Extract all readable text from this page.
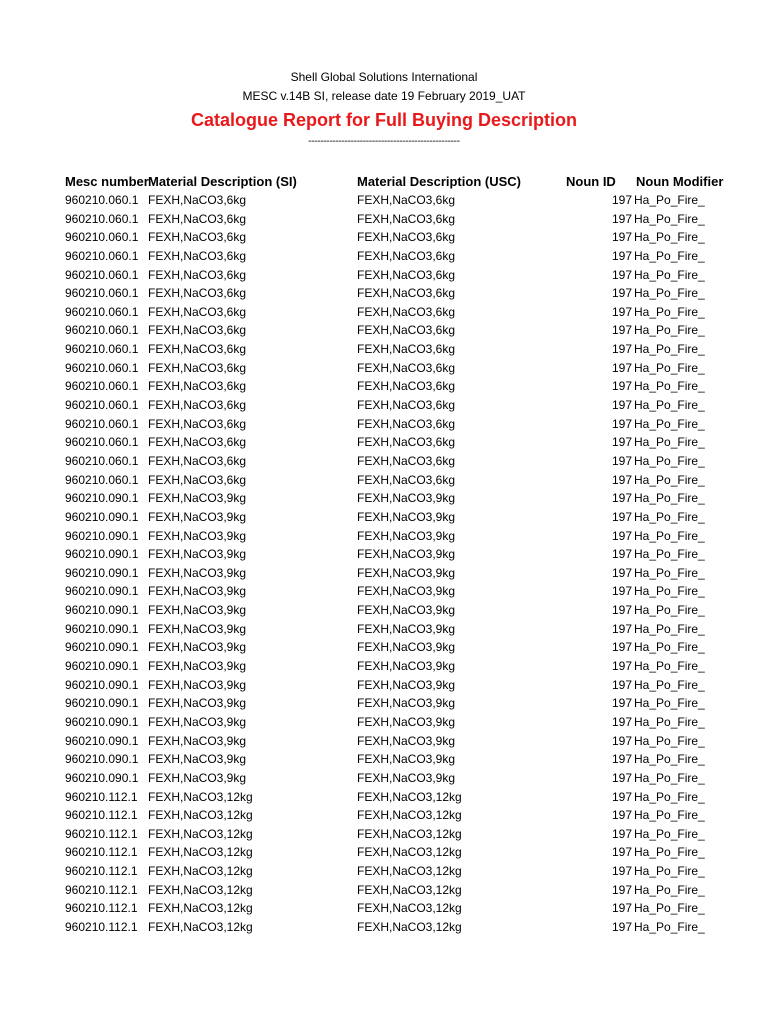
Shell Global Solutions International
MESC v.14B SI, release date 19 February 2019_UAT
Catalogue Report for Full Buying Description
--------------------------------------------------
Mesc number Material Description (SI)	Material Description (USC)	Noun ID	Noun Modifier
960210.060.1 FEXH,NaCO3,6kg	FEXH,NaCO3,6kg	197 Ha_Po_Fire_
960210.060.1 FEXH,NaCO3,6kg	FEXH,NaCO3,6kg	197 Ha_Po_Fire_
960210.060.1 FEXH,NaCO3,6kg	FEXH,NaCO3,6kg	197 Ha_Po_Fire_
960210.060.1 FEXH,NaCO3,6kg	FEXH,NaCO3,6kg	197 Ha_Po_Fire_
960210.060.1 FEXH,NaCO3,6kg	FEXH,NaCO3,6kg	197 Ha_Po_Fire_
960210.060.1 FEXH,NaCO3,6kg	FEXH,NaCO3,6kg	197 Ha_Po_Fire_
960210.060.1 FEXH,NaCO3,6kg	FEXH,NaCO3,6kg	197 Ha_Po_Fire_
960210.060.1 FEXH,NaCO3,6kg	FEXH,NaCO3,6kg	197 Ha_Po_Fire_
960210.060.1 FEXH,NaCO3,6kg	FEXH,NaCO3,6kg	197 Ha_Po_Fire_
960210.060.1 FEXH,NaCO3,6kg	FEXH,NaCO3,6kg	197 Ha_Po_Fire_
960210.060.1 FEXH,NaCO3,6kg	FEXH,NaCO3,6kg	197 Ha_Po_Fire_
960210.060.1 FEXH,NaCO3,6kg	FEXH,NaCO3,6kg	197 Ha_Po_Fire_
960210.060.1 FEXH,NaCO3,6kg	FEXH,NaCO3,6kg	197 Ha_Po_Fire_
960210.060.1 FEXH,NaCO3,6kg	FEXH,NaCO3,6kg	197 Ha_Po_Fire_
960210.060.1 FEXH,NaCO3,6kg	FEXH,NaCO3,6kg	197 Ha_Po_Fire_
960210.060.1 FEXH,NaCO3,6kg	FEXH,NaCO3,6kg	197 Ha_Po_Fire_
960210.090.1 FEXH,NaCO3,9kg	FEXH,NaCO3,9kg	197 Ha_Po_Fire_
960210.090.1 FEXH,NaCO3,9kg	FEXH,NaCO3,9kg	197 Ha_Po_Fire_
960210.090.1 FEXH,NaCO3,9kg	FEXH,NaCO3,9kg	197 Ha_Po_Fire_
960210.090.1 FEXH,NaCO3,9kg	FEXH,NaCO3,9kg	197 Ha_Po_Fire_
960210.090.1 FEXH,NaCO3,9kg	FEXH,NaCO3,9kg	197 Ha_Po_Fire_
960210.090.1 FEXH,NaCO3,9kg	FEXH,NaCO3,9kg	197 Ha_Po_Fire_
960210.090.1 FEXH,NaCO3,9kg	FEXH,NaCO3,9kg	197 Ha_Po_Fire_
960210.090.1 FEXH,NaCO3,9kg	FEXH,NaCO3,9kg	197 Ha_Po_Fire_
960210.090.1 FEXH,NaCO3,9kg	FEXH,NaCO3,9kg	197 Ha_Po_Fire_
960210.090.1 FEXH,NaCO3,9kg	FEXH,NaCO3,9kg	197 Ha_Po_Fire_
960210.090.1 FEXH,NaCO3,9kg	FEXH,NaCO3,9kg	197 Ha_Po_Fire_
960210.090.1 FEXH,NaCO3,9kg	FEXH,NaCO3,9kg	197 Ha_Po_Fire_
960210.090.1 FEXH,NaCO3,9kg	FEXH,NaCO3,9kg	197 Ha_Po_Fire_
960210.090.1 FEXH,NaCO3,9kg	FEXH,NaCO3,9kg	197 Ha_Po_Fire_
960210.090.1 FEXH,NaCO3,9kg	FEXH,NaCO3,9kg	197 Ha_Po_Fire_
960210.090.1 FEXH,NaCO3,9kg	FEXH,NaCO3,9kg	197 Ha_Po_Fire_
960210.112.1 FEXH,NaCO3,12kg	FEXH,NaCO3,12kg	197 Ha_Po_Fire_
960210.112.1 FEXH,NaCO3,12kg	FEXH,NaCO3,12kg	197 Ha_Po_Fire_
960210.112.1 FEXH,NaCO3,12kg	FEXH,NaCO3,12kg	197 Ha_Po_Fire_
960210.112.1 FEXH,NaCO3,12kg	FEXH,NaCO3,12kg	197 Ha_Po_Fire_
960210.112.1 FEXH,NaCO3,12kg	FEXH,NaCO3,12kg	197 Ha_Po_Fire_
960210.112.1 FEXH,NaCO3,12kg	FEXH,NaCO3,12kg	197 Ha_Po_Fire_
960210.112.1 FEXH,NaCO3,12kg	FEXH,NaCO3,12kg	197 Ha_Po_Fire_
960210.112.1 FEXH,NaCO3,12kg	FEXH,NaCO3,12kg	197 Ha_Po_Fire_
